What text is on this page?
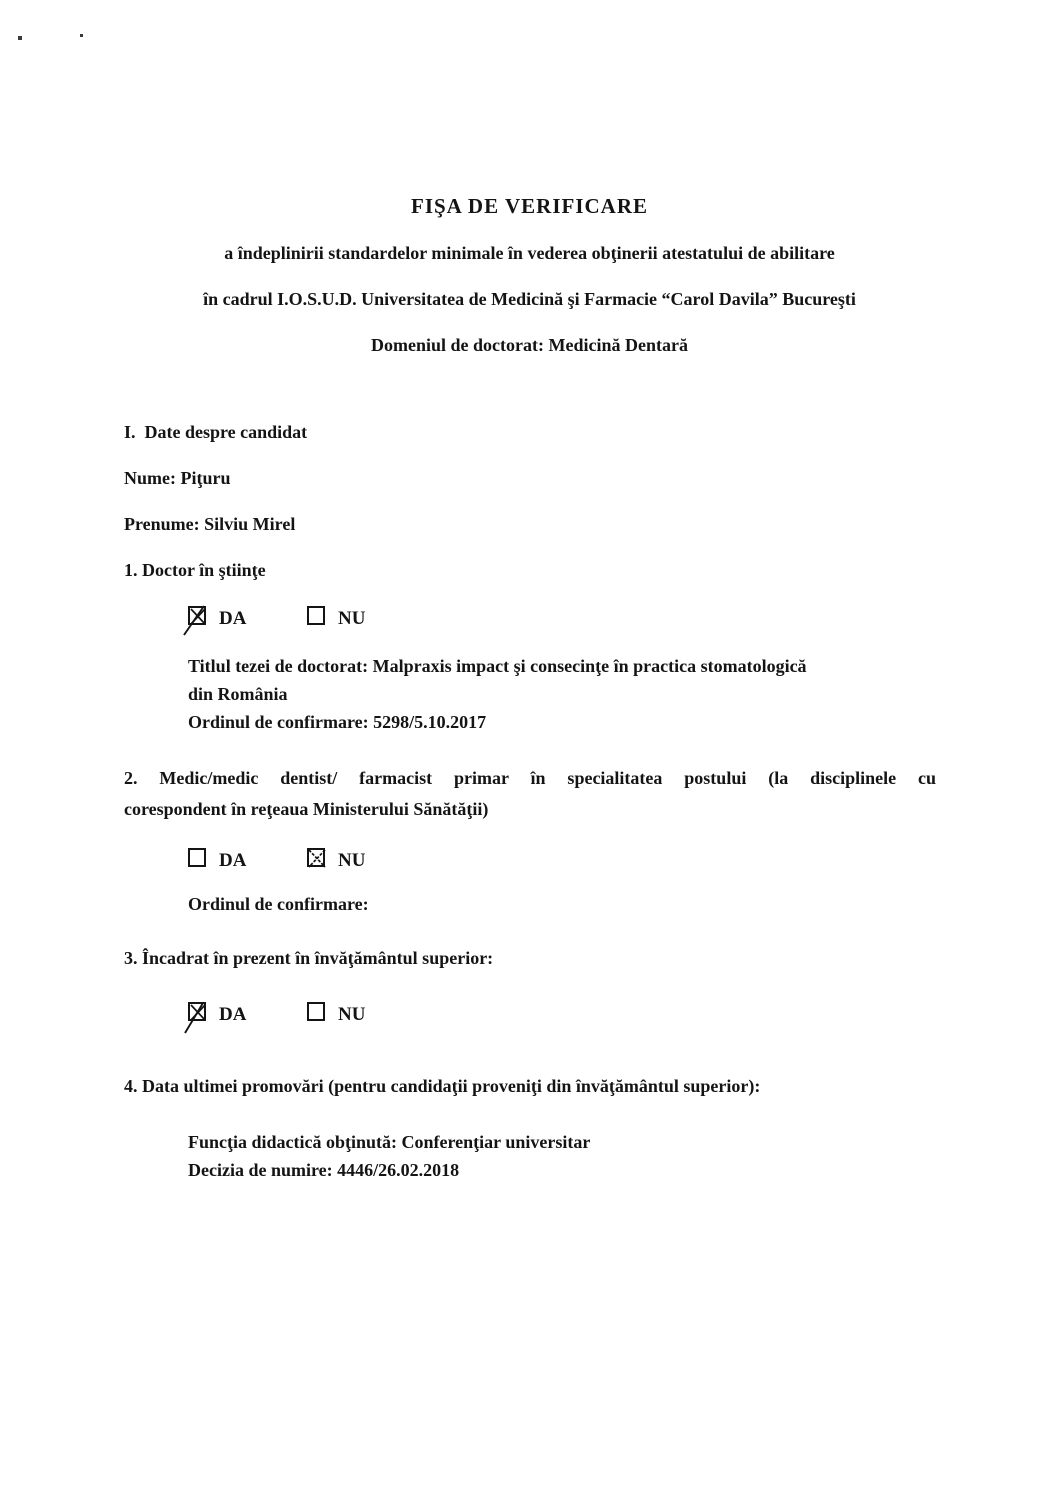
FIŞA DE VERIFICARE
a îndeplinirii standardelor minimale în vederea obţinerii atestatului de abilitare
în cadrul I.O.S.U.D. Universitatea de Medicină şi Farmacie “Carol Davila” Bucureşti
Domeniul de doctorat: Medicină Dentară
I.  Date despre candidat
Nume: Piţuru
Prenume: Silviu Mirel
1. Doctor în ştiinţe
DA	NU
Titlul tezei de doctorat: Malpraxis impact şi consecinţe în practica stomatologică
din România
Ordinul de confirmare: 5298/5.10.2017
2. Medic/medic dentist/ farmacist primar în specialitatea postului (la disciplinele cu
corespondent în reţeaua Ministerului Sănătăţii)
DA	NU
Ordinul de confirmare:
3. Încadrat în prezent în învăţământul superior:
DA	NU
4. Data ultimei promovări (pentru candidaţii proveniţi din învăţământul superior):
Funcţia didactică obţinută: Conferenţiar universitar
Decizia de numire: 4446/26.02.2018
